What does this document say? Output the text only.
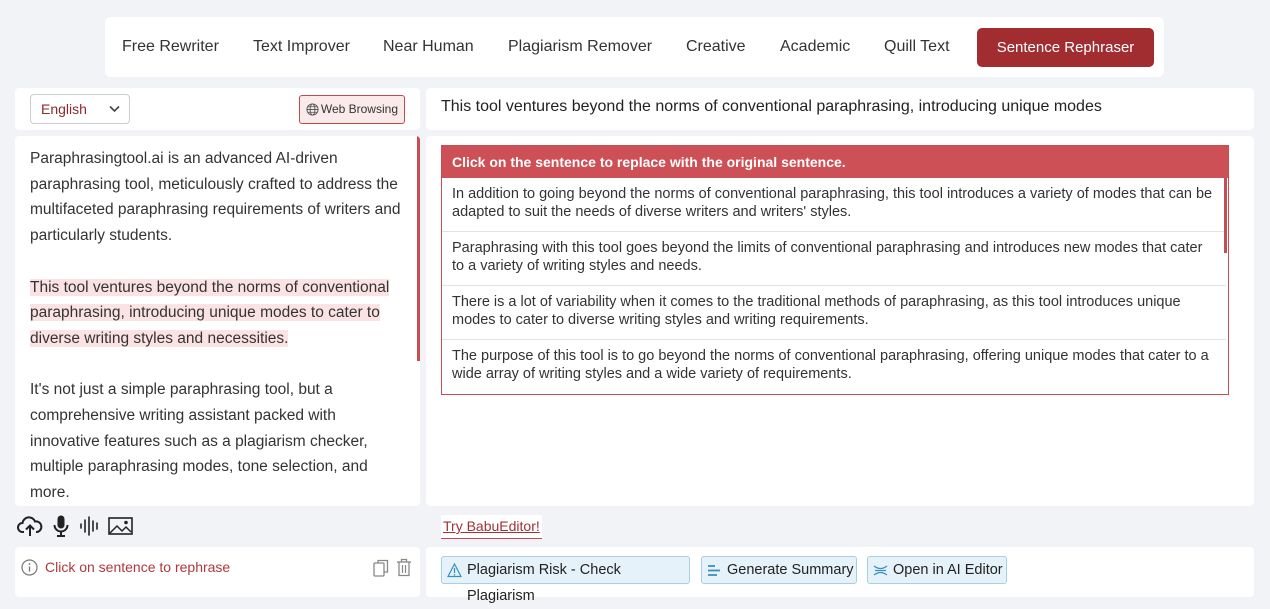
Free Rewriter Text Improver Near Human Plagiarism Remover Creative Academic Quill Text	Sentence Rephraser
English	Web Browsing

Paraphrasingtool.ai is an advanced AI-driven paraphrasing tool, meticulously crafted to address the multifaceted paraphrasing requirements of writers and particularly students.

This tool ventures beyond the norms of conventional paraphrasing, introducing unique modes to cater to diverse writing styles and necessities.

It's not just a simple paraphrasing tool, but a comprehensive writing assistant packed with innovative features such as a plagiarism checker, multiple paraphrasing modes, tone selection, and more.

Click on sentence to rephrase
This tool ventures beyond the norms of conventional paraphrasing, introducing unique modes
Click on the sentence to replace with the original sentence.
In addition to going beyond the norms of conventional paraphrasing, this tool introduces a variety of modes that can be adapted to suit the needs of diverse writers and writers' styles.
Paraphrasing with this tool goes beyond the limits of conventional paraphrasing and introduces new modes that cater to a variety of writing styles and needs.
There is a lot of variability when it comes to the traditional methods of paraphrasing, as this tool introduces unique modes to cater to diverse writing styles and writing requirements.
The purpose of this tool is to go beyond the norms of conventional paraphrasing, offering unique modes that cater to a wide array of writing styles and a wide variety of requirements.
Try BabuEditor!
Plagiarism Risk - Check Plagiarism
Generate Summary	Open in AI Editor
